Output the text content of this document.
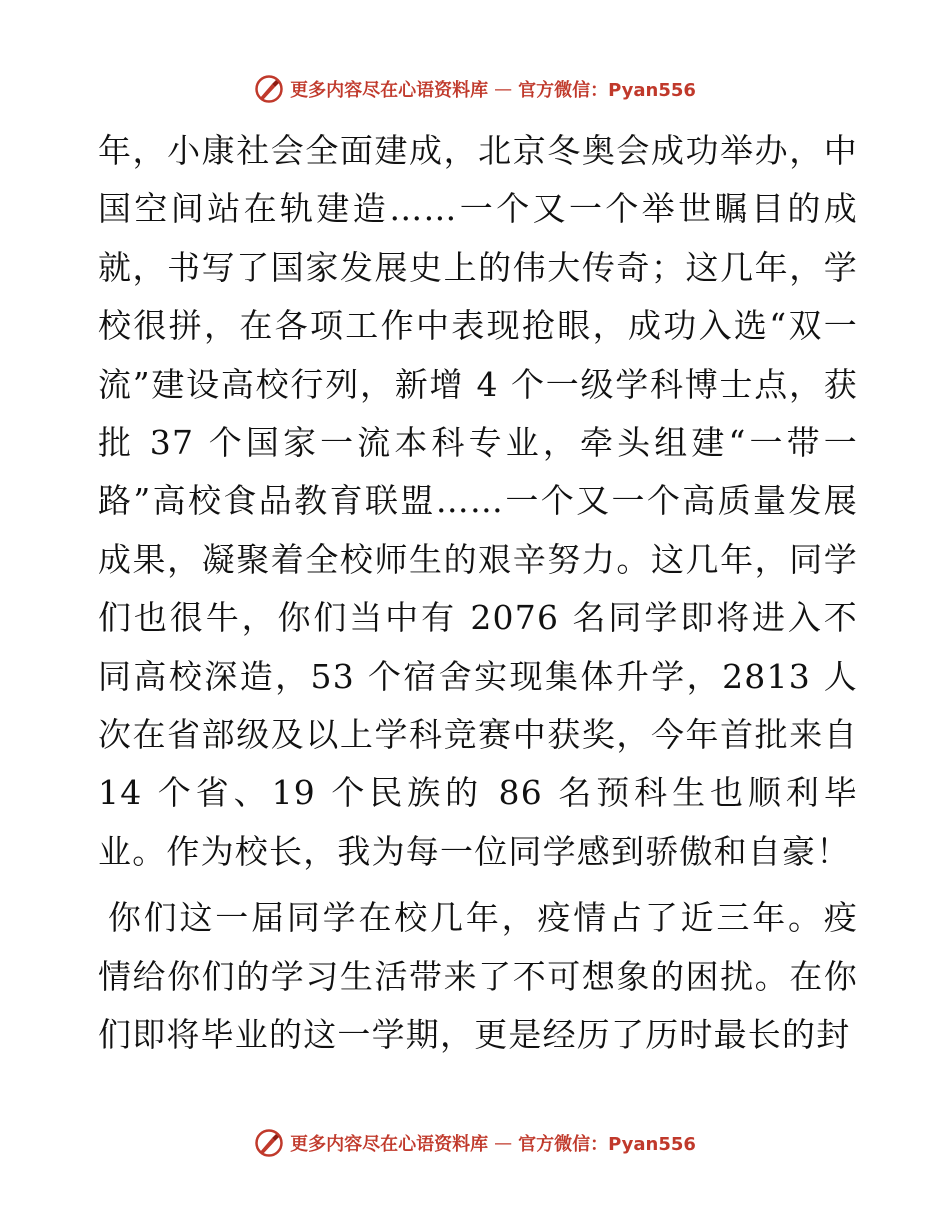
更多内容尽在心语资料库 — 官方微信：Pyan556

年，小康社会全面建成，北京冬奥会成功举办，中国空间站在轨建造……一个又一个举世瞩目的成就，书写了国家发展史上的伟大传奇；这几年，学校很拼，在各项工作中表现抢眼，成功入选“双一流”建设高校行列，新增 4 个一级学科博士点，获批 37 个国家一流本科专业，牵头组建“一带一路”高校食品教育联盟……一个又一个高质量发展成果，凝聚着全校师生的艰辛努力。这几年，同学们也很牛，你们当中有 2076 名同学即将进入不同高校深造，53 个宿舍实现集体升学，2813 人次在省部级及以上学科竞赛中获奖，今年首批来自 14 个省、19 个民族的 86 名预科生也顺利毕业。作为校长，我为每一位同学感到骄傲和自豪！

你们这一届同学在校几年，疫情占了近三年。疫情给你们的学习生活带来了不可想象的困扰。在你们即将毕业的这一学期，更是经历了历时最长的封

更多内容尽在心语资料库 — 官方微信：Pyan556
